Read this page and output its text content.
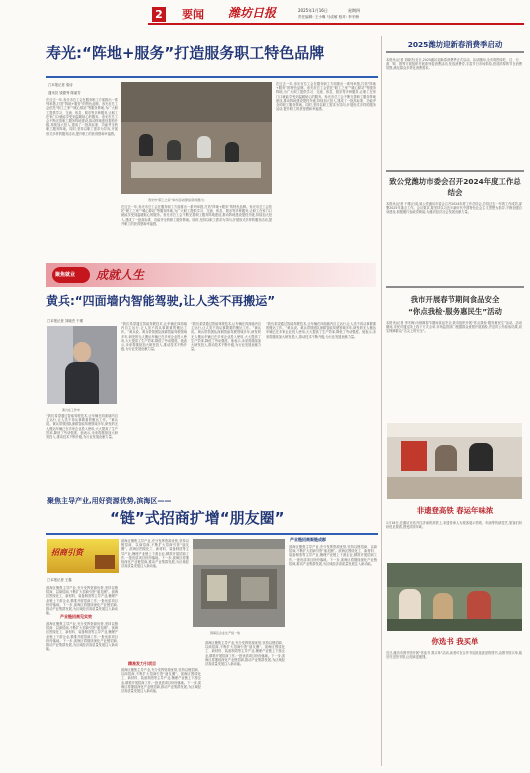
2 要闻 潍坊日报	2025年1月16日	星期四
责任编辑: 王小琳 马成敏 校对: 李冬梅
寿光:“阵地+服务”打造服务职工特色品牌
□本报记者 梁诗
通讯员 钱德秀 陈丽芳
在过去一年,寿光市总工会在服务职工方面推出一系列举措,打造“阵地+服务”的特色品牌。寿光市总工会依托“职工之家”“暖心驿站”等服务阵地,为广大职工提供学习、交流、休息、娱乐等多种服务,让职工在家门口就能享受到温暖贴心的服务。寿光市总工会不断完善职工服务阵地建设,推动阵地建设提档升级,持续加大投入,建成了一批高标准、功能齐全的职工服务阵地。同时,坚持以职工需求为导向,开展形式多样的服务活动,提升职工的获得感和幸福感。
寿光市“职工之家”举办活动现场(资料图片)
在过去一年,寿光市总工会在服务职工方面推出一系列举措,打造“阵地+服务”的特色品牌。寿光市总工会依托“职工之家”“暖心驿站”等服务阵地,为广大职工提供学习、交流、休息、娱乐等多种服务,让职工在家门口就能享受到温暖贴心的服务。寿光市总工会不断完善职工服务阵地建设,推动阵地建设提档升级,持续加大投入,建成了一批高标准、功能齐全的职工服务阵地。同时,坚持以职工需求为导向,开展形式多样的服务活动,提升职工的获得感和幸福感。
在过去一年,寿光市总工会在服务职工方面推出一系列举措,打造“阵地+服务”的特色品牌。寿光市总工会依托“职工之家”“暖心驿站”等服务阵地,为广大职工提供学习、交流、休息、娱乐等多种服务,让职工在家门口就能享受到温暖贴心的服务。寿光市总工会不断完善职工服务阵地建设,推动阵地建设提档升级,持续加大投入,建成了一批高标准、功能齐全的职工服务阵地。同时,坚持以职工需求为导向,开展形式多样的服务活动,提升职工的获得感和幸福感。
聚焦就业 成就人生
黄兵:“四面墙内智能驾驶,让人类不再搬运”
□本报记者 刘晓杰 于瑾
黄兵在工作中
“我们希望通过智能驾驶技术,让车辆在四面墙内自主运行,让人类不再从事繁重的搬运工作。”黄兵说。黄兵带领团队深耕智能驾驶领域多年,研发的无人搬运车辆已在多家企业投入使用,大大提高了生产效率,降低了劳动强度。他表示,未来将继续加大研发投入,推动技术不断升级,为行业发展贡献力量。
“我们希望通过智能驾驶技术,让车辆在四面墙内自主运行,让人类不再从事繁重的搬运工作。”黄兵说。黄兵带领团队深耕智能驾驶领域多年,研发的无人搬运车辆已在多家企业投入使用,大大提高了生产效率,降低了劳动强度。他表示,未来将继续加大研发投入,推动技术不断升级,为行业发展贡献力量。
“我们希望通过智能驾驶技术,让车辆在四面墙内自主运行,让人类不再从事繁重的搬运工作。”黄兵说。黄兵带领团队深耕智能驾驶领域多年,研发的无人搬运车辆已在多家企业投入使用,大大提高了生产效率,降低了劳动强度。他表示,未来将继续加大研发投入,推动技术不断升级,为行业发展贡献力量。
“我们希望通过智能驾驶技术,让车辆在四面墙内自主运行,让人类不再从事繁重的搬运工作。”黄兵说。黄兵带领团队深耕智能驾驶领域多年,研发的无人搬运车辆已在多家企业投入使用,大大提高了生产效率,降低了劳动强度。他表示,未来将继续加大研发投入,推动技术不断升级,为行业发展贡献力量。
聚焦主导产业,用好资源优势,滨海区——
“链”式招商扩增“朋友圈”
招商引资
□本报记者 王鑫
滨海区聚焦主导产业,充分发挥资源优势,坚持以链招商、以商招商,不断扩大招商引资“朋友圈”。滨海区围绕化工、新材料、装备制造等主导产业,梳理产业链上下游企业,精准开展招商工作,一批优质项目纷纷落地。下一步,滨海区将继续深化产业链招商,推动产业集群发展,为区域经济高质量发展注入新动能。
产业链招商见实效
滨海区聚焦主导产业,充分发挥资源优势,坚持以链招商、以商招商,不断扩大招商引资“朋友圈”。滨海区围绕化工、新材料、装备制造等主导产业,梳理产业链上下游企业,精准开展招商工作,一批优质项目纷纷落地。下一步,滨海区将继续深化产业链招商,推动产业集群发展,为区域经济高质量发展注入新动能。
滨海区聚焦主导产业,充分发挥资源优势,坚持以链招商、以商招商,不断扩大招商引资“朋友圈”。滨海区围绕化工、新材料、装备制造等主导产业,梳理产业链上下游企业,精准开展招商工作,一批优质项目纷纷落地。下一步,滨海区将继续深化产业链招商,推动产业集群发展,为区域经济高质量发展注入新动能。
滨海区企业生产线一角
精准发力引项目
滨海区聚焦主导产业,充分发挥资源优势,坚持以链招商、以商招商,不断扩大招商引资“朋友圈”。滨海区围绕化工、新材料、装备制造等主导产业,梳理产业链上下游企业,精准开展招商工作,一批优质项目纷纷落地。下一步,滨海区将继续深化产业链招商,推动产业集群发展,为区域经济高质量发展注入新动能。
滨海区聚焦主导产业,充分发挥资源优势,坚持以链招商、以商招商,不断扩大招商引资“朋友圈”。滨海区围绕化工、新材料、装备制造等主导产业,梳理产业链上下游企业,精准开展招商工作,一批优质项目纷纷落地。下一步,滨海区将继续深化产业链招商,推动产业集群发展,为区域经济高质量发展注入新动能。
产业链招商聚链成群
滨海区聚焦主导产业,充分发挥资源优势,坚持以链招商、以商招商,不断扩大招商引资“朋友圈”。滨海区围绕化工、新材料、装备制造等主导产业,梳理产业链上下游企业,精准开展招商工作,一批优质项目纷纷落地。下一步,滨海区将继续深化产业链招商,推动产业集群发展,为区域经济高质量发展注入新动能。
2025潍坊迎新春消费季启动
本报讯(记者 刘晓杰)近日,2025潍坊迎新春消费季正式启动。活动期间,全市将围绕吃、住、行、游、购、娱等方面组织开展系列促消费活动,发放消费券,丰富节日市场供给,营造浓厚的节日消费氛围,满足群众多样化消费需求。
致公党潍坊市委会召开2024年度工作总结会
本报讯(记者 于瑾)日前,致公党潍坊市委会召开2024年度工作总结会,总结过去一年的工作成效,部署2025年重点工作。会议要求,要坚持以习近平新时代中国特色社会主义思想为指导,不断加强自身建设,积极履行参政党职能,为潍坊经济社会发展贡献力量。
我市开展春节期间食品安全
“你点我检·服务惠民生”活动
本报讯(记者 李冬梅)为保障春节期间食品安全,我市组织开展“你点我检·服务惠民生”活动。活动期间,市民可通过线上线下方式点单,市场监管部门根据群众意愿开展抽检,并及时公布检验结果,切实保障群众“舌尖上的安全”。
非遗登高铁 春运年味浓
1月16日,在潍坊北站开往济南的高铁上,非遗传承人为旅客展示剪纸、年画等传统技艺,旅客们纷纷驻足观看,感受浓浓年味。
你选书 我买单
近日,潍坊市图书馆开展“你选书 我买单”活动,读者可在合作书店挑选喜爱的图书,由图书馆买单,阅后归还图书馆,让阅读更便捷。
